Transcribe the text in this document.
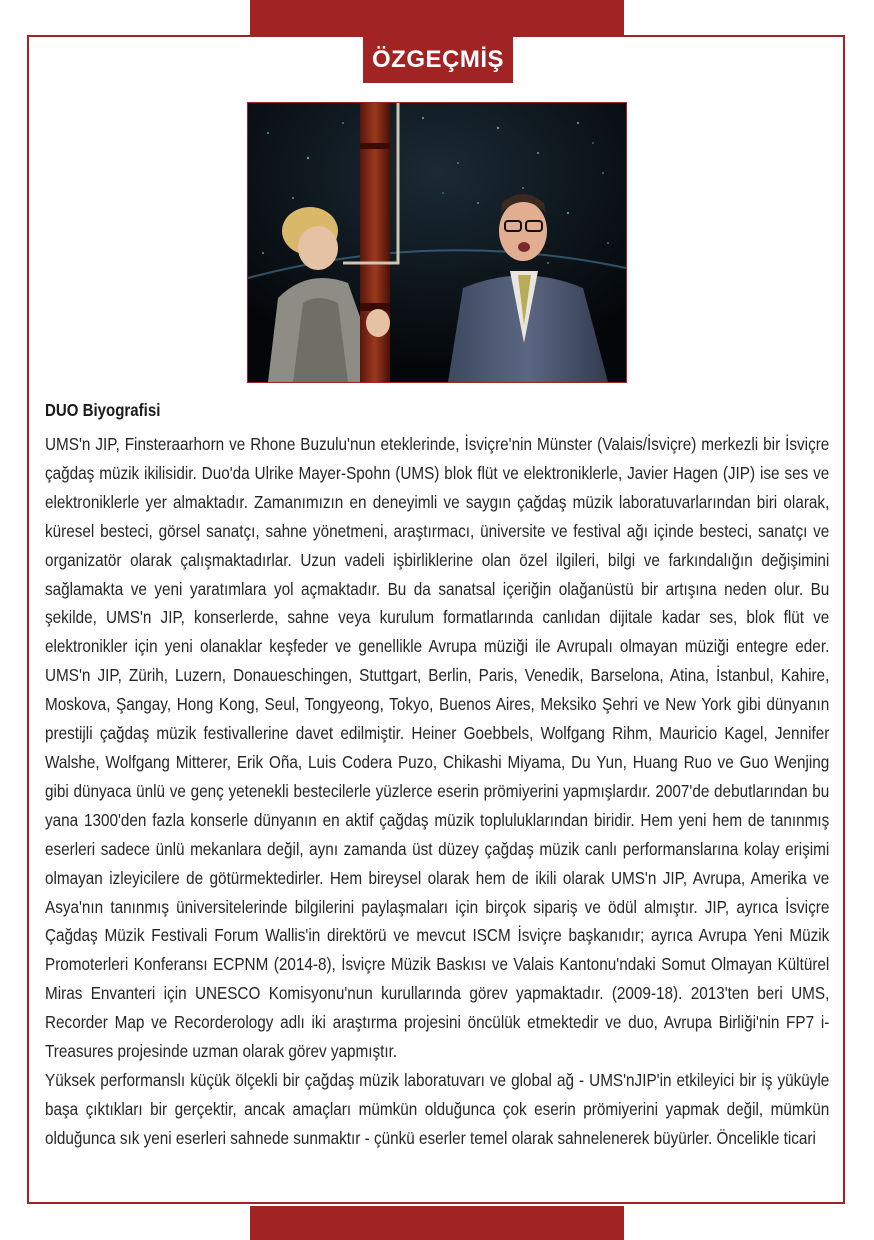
ÖZGEÇMİŞ
DUO Biyografisi

UMS'n JIP, Finsteraarhorn ve Rhone Buzulu'nun eteklerinde, İsviçre'nin Münster (Valais/İsviçre) merkezli bir İsviçre çağdaş müzik ikilisidir. Duo'da Ulrike Mayer-Spohn (UMS) blok flüt ve elektroniklerle, Javier Hagen (JIP) ise ses ve elektroniklerle yer almaktadır. Zamanımızın en deneyimli ve saygın çağdaş müzik laboratuvarlarından biri olarak, küresel besteci, görsel sanatçı, sahne yönetmeni, araştırmacı, üniversite ve festival ağı içinde besteci, sanatçı ve organizatör olarak çalışmaktadırlar. Uzun vadeli işbirliklerine olan özel ilgileri, bilgi ve farkındalığın değişimini sağlamakta ve yeni yaratımlara yol açmaktadır. Bu da sanatsal içeriğin olağanüstü bir artışına neden olur. Bu şekilde, UMS'n JIP, konserlerde, sahne veya kurulum formatlarında canlıdan dijitale kadar ses, blok flüt ve elektronikler için yeni olanaklar keşfeder ve genellikle Avrupa müziği ile Avrupalı olmayan müziği entegre eder. UMS'n JIP, Zürih, Luzern, Donaueschingen, Stuttgart, Berlin, Paris, Venedik, Barselona, Atina, İstanbul, Kahire, Moskova, Şangay, Hong Kong, Seul, Tongyeong, Tokyo, Buenos Aires, Meksiko Şehri ve New York gibi dünyanın prestijli çağdaş müzik festivallerine davet edilmiştir. Heiner Goebbels, Wolfgang Rihm, Mauricio Kagel, Jennifer Walshe, Wolfgang Mitterer, Erik Oña, Luis Codera Puzo, Chikashi Miyama, Du Yun, Huang Ruo ve Guo Wenjing gibi dünyaca ünlü ve genç yetenekli bestecilerle yüzlerce eserin prömiyerini yapmışlardır. 2007'de debutlarından bu yana 1300'den fazla konserle dünyanın en aktif çağdaş müzik topluluklarından biridir. Hem yeni hem de tanınmış eserleri sadece ünlü mekanlara değil, aynı zamanda üst düzey çağdaş müzik canlı performanslarına kolay erişimi olmayan izleyicilere de götürmektedirler. Hem bireysel olarak hem de ikili olarak UMS'n JIP, Avrupa, Amerika ve Asya'nın tanınmış üniversitelerinde bilgilerini paylaşmaları için birçok sipariş ve ödül almıştır. JIP, ayrıca İsviçre Çağdaş Müzik Festivali Forum Wallis'in direktörü ve mevcut ISCM İsviçre başkanıdır; ayrıca Avrupa Yeni Müzik Promoterleri Konferansı ECPNM (2014-8), İsviçre Müzik Baskısı ve Valais Kantonu'ndaki Somut Olmayan Kültürel Miras Envanteri için UNESCO Komisyonu'nun kurullarında görev yapmaktadır. (2009-18). 2013'ten beri UMS, Recorder Map ve Recorderology adlı iki araştırma projesini öncülük etmektedir ve duo, Avrupa Birliği'nin FP7 i-Treasures projesinde uzman olarak görev yapmıştır.

Yüksek performanslı küçük ölçekli bir çağdaş müzik laboratuvarı ve global ağ - UMS'nJIP'in etkileyici bir iş yüküyle başa çıktıkları bir gerçektir, ancak amaçları mümkün olduğunca çok eserin prömiyerini yapmak değil, mümkün olduğunca sık yeni eserleri sahnede sunmaktır - çünkü eserler temel olarak sahnelenerek büyürler. Öncelikle ticari
